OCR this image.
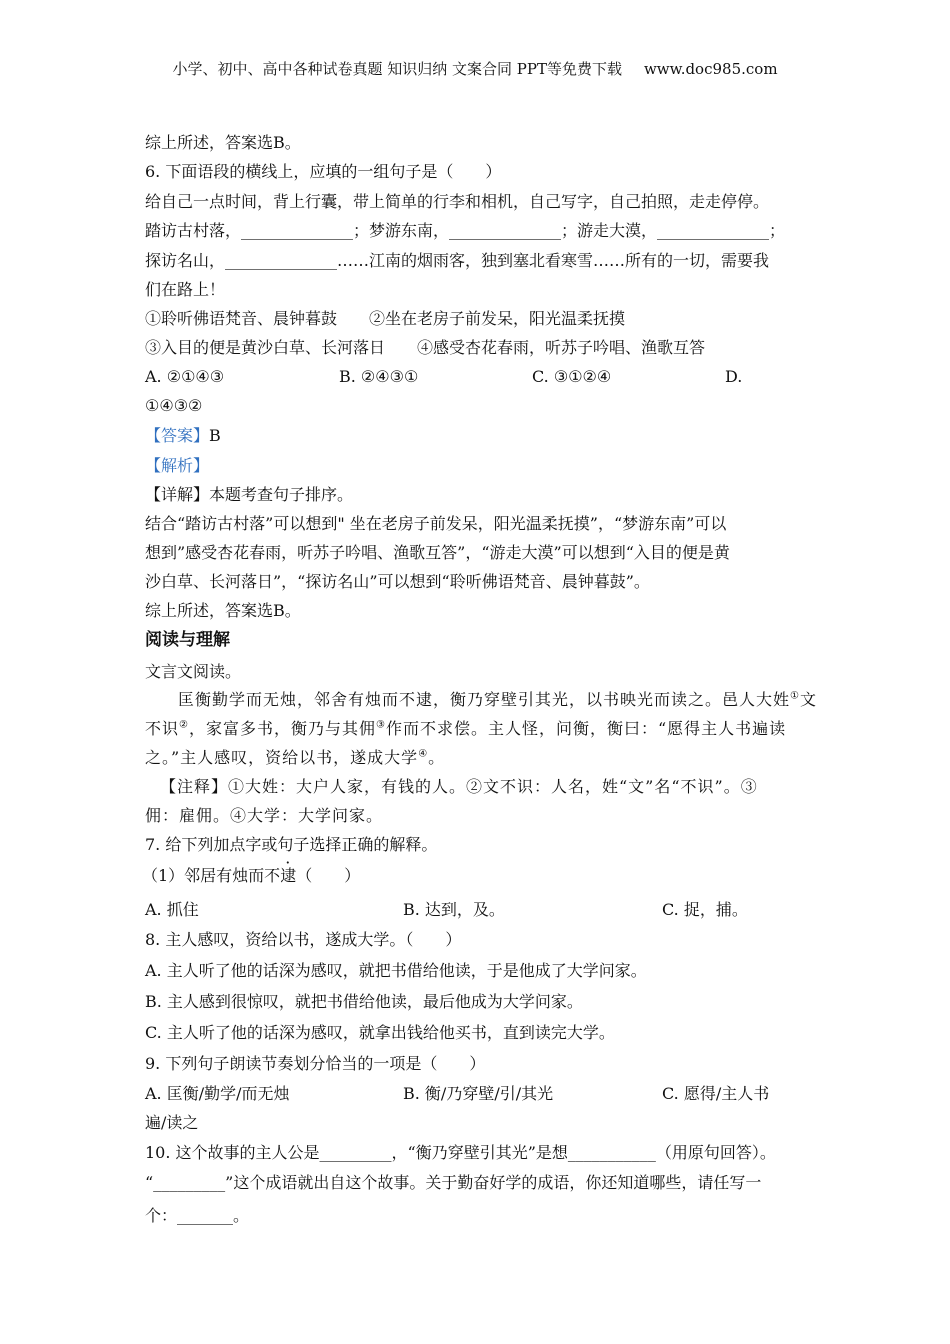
小学、初中、高中各种试卷真题 知识归纳 文案合同 PPT等免费下载 www.doc985.com
综上所述，答案选B。
6. 下面语段的横线上，应填的一组句子是（　　）
给自己一点时间，背上行囊，带上简单的行李和相机，自己写字，自己拍照，走走停停。
踏访古村落，______________；梦游东南，______________；游走大漠，______________；
探访名山，______________……江南的烟雨客，独到塞北看寒雪……所有的一切，需要我
们在路上！
①聆听佛语梵音、晨钟暮鼓　　②坐在老房子前发呆，阳光温柔抚摸
③入目的便是黄沙白草、长河落日　　④感受杏花春雨，听苏子吟唱、渔歌互答
A. ②①④③	B. ②④③①	C. ③①②④	D.
①④③②
【答案】B
【解析】
【详解】本题考查句子排序。
结合“踏访古村落”可以想到" 坐在老房子前发呆，阳光温柔抚摸”，“梦游东南”可以
想到”感受杏花春雨，听苏子吟唱、渔歌互答”，“游走大漠”可以想到“入目的便是黄
沙白草、长河落日”，“探访名山”可以想到“聆听佛语梵音、晨钟暮鼓”。
综上所述，答案选B。
阅读与理解
文言文阅读。
匡衡勤学而无烛，邻舍有烛而不逮，衡乃穿壁引其光，以书映光而读之。邑人大姓①文
不识②，家富多书，衡乃与其佣③作而不求偿。主人怪，问衡，衡曰：“愿得主人书遍读
之。”主人感叹，资给以书，遂成大学④。
【注释】①大姓：大户人家，有钱的人。②文不识：人名，姓“文”名“不识”。③
佣：雇佣。④大学：大学问家。
7. 给下列加点字或句子选择正确的解释。
（1）邻居有烛而不逮（　　）
A. 抓住	B. 达到，及。	C. 捉，捕。
8. 主人感叹，资给以书，遂成大学。（　　）
A. 主人听了他的话深为感叹，就把书借给他读，于是他成了大学问家。
B. 主人感到很惊叹，就把书借给他读，最后他成为大学问家。
C. 主人听了他的话深为感叹，就拿出钱给他买书，直到读完大学。
9. 下列句子朗读节奏划分恰当的一项是（　　）
A. 匡衡/勤学/而无烛	B. 衡/乃穿壁/引/其光	C. 愿得/主人书
遍/读之
10. 这个故事的主人公是_________，“衡乃穿壁引其光”是想___________（用原句回答）。
“_________”这个成语就出自这个故事。关于勤奋好学的成语，你还知道哪些，请任写一
个：_______。
